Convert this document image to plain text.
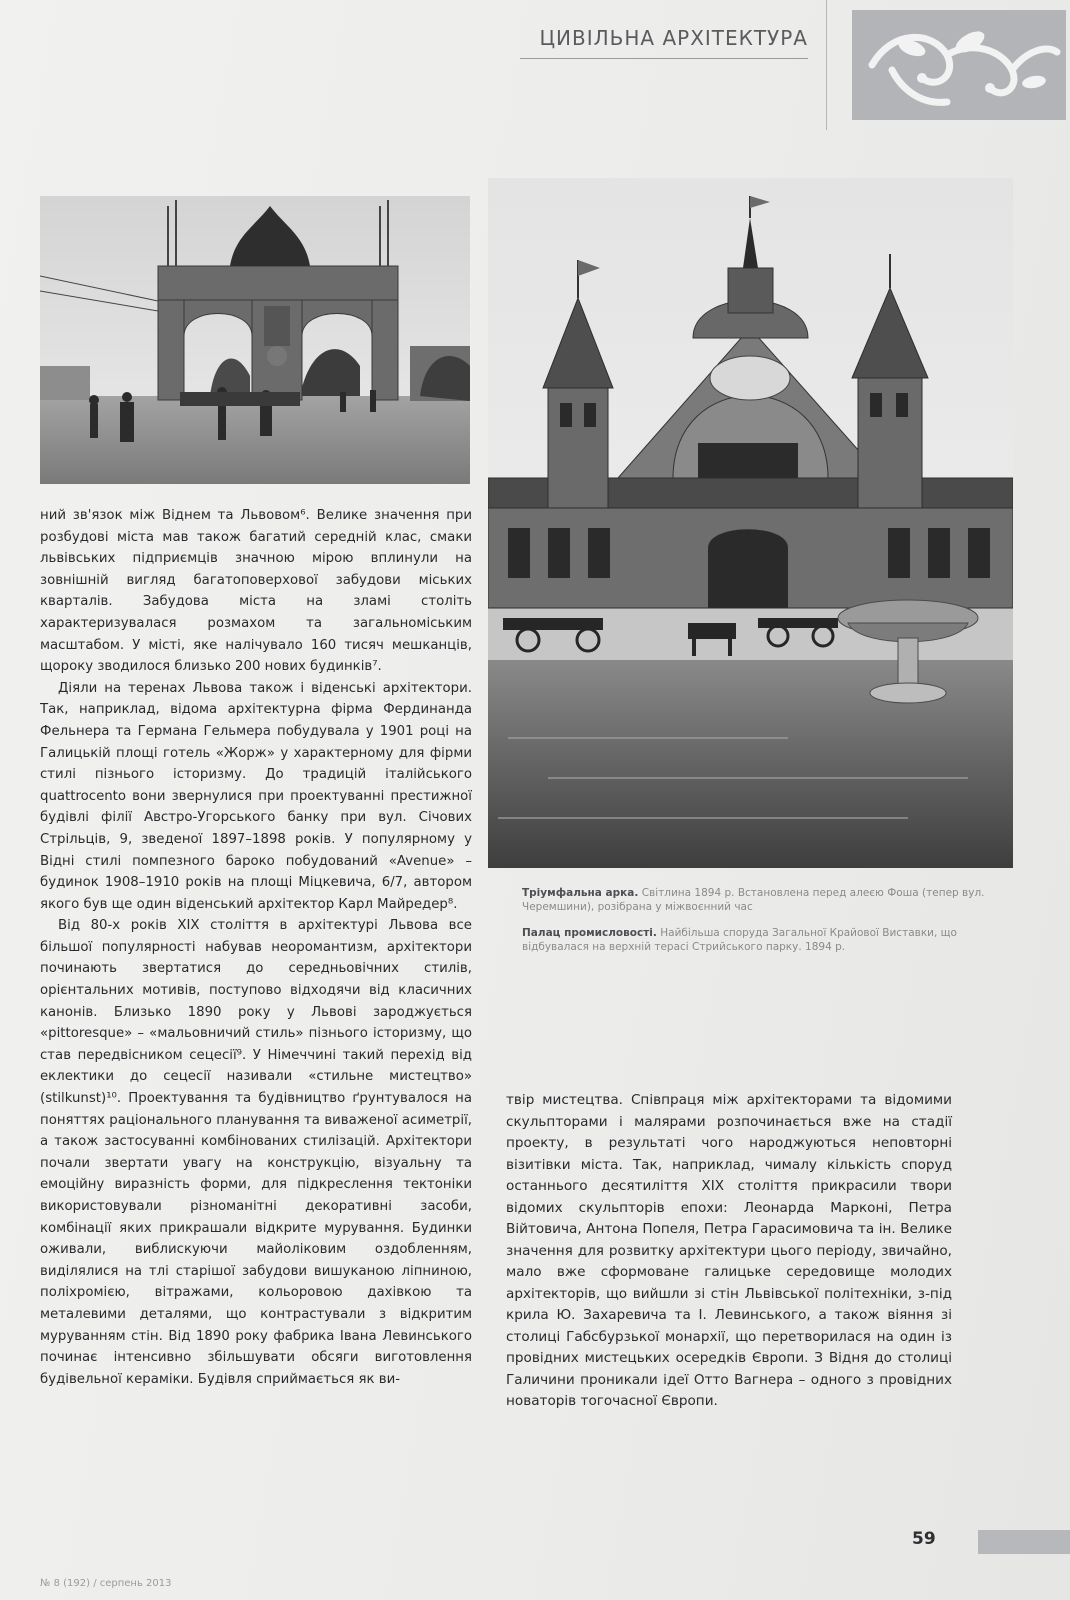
ЦИВІЛЬНА АРХІТЕКТУРА

Тріумфальна арка. Світлина 1894 р. Встановлена перед алеєю Фоша (тепер вул. Черемшини), розібрана у міжвоєнний час

Палац промисловості. Найбільша споруда Загальної Крайової Виставки, що відбувалася на верхній терасі Стрийського парку. 1894 р.

ний зв'язок між Віднем та Львовом⁶. Велике значення при розбудові міста мав також багатий середній клас, смаки львівських підприємців значною мірою вплинули на зовнішній вигляд багатоповерхової забудови міських кварталів. Забудова міста на зламі століть характеризувалася розмахом та загальноміським масштабом. У місті, яке налічувало 160 тисяч мешканців, щороку зводилося близько 200 нових будинків⁷.

Діяли на теренах Львова також і віденські архітектори. Так, наприклад, відома архітектурна фірма Фердинанда Фельнера та Германа Гельмера побудувала у 1901 році на Галицькій площі готель «Жорж» у характерному для фірми стилі пізнього історизму. До традицій італійського quattrocento вони звернулися при проектуванні престижної будівлі філії Австро-Угорського банку при вул. Січових Стрільців, 9, зведеної 1897–1898 років. У популярному у Відні стилі помпезного бароко побудований «Avenue» – будинок 1908–1910 років на площі Міцкевича, 6/7, автором якого був ще один віденський архітектор Карл Майредер⁸.

Від 80-х років XIX століття в архітектурі Львова все більшої популярності набував неоромантизм, архітектори починають звертатися до середньовічних стилів, орієнтальних мотивів, поступово відходячи від класичних канонів. Близько 1890 року у Львові зароджується «pittoresque» – «мальовничий стиль» пізнього історизму, що став передвісником сецесії⁹. У Німеччині такий перехід від еклектики до сецесії називали «стильне мистецтво» (stilkunst)¹⁰. Проектування та будівництво ґрунтувалося на поняттях раціонального планування та виваженої асиметрії, а також застосуванні комбінованих стилізацій. Архітектори почали звертати увагу на конструкцію, візуальну та емоційну виразність форми, для підкреслення тектоніки використовували різноманітні декоративні засоби, комбінації яких прикрашали відкрите мурування. Будинки оживали, виблискуючи майоліковим оздобленням, виділялися на тлі старішої забудови вишуканою ліпниною, поліхромією, вітражами, кольоровою дахівкою та металевими деталями, що контрастували з відкритим муруванням стін. Від 1890 року фабрика Івана Левинського починає інтенсивно збільшувати обсяги виготовлення будівельної кераміки. Будівля сприймається як ви-

твір мистецтва. Співпраця між архітекторами та відомими скульпторами і малярами розпочинається вже на стадії проекту, в результаті чого народжуються неповторні візитівки міста. Так, наприклад, чималу кількість споруд останнього десятиліття XIX століття прикрасили твори відомих скульпторів епохи: Леонарда Марконі, Петра Війтовича, Антона Попеля, Петра Гарасимовича та ін. Велике значення для розвитку архітектури цього періоду, звичайно, мало вже сформоване галицьке середовище молодих архітекторів, що вийшли зі стін Львівської політехніки, з-під крила Ю. Захаревича та І. Левинського, а також віяння зі столиці Габсбурзької монархії, що перетворилася на один із провідних мистецьких осередків Європи. З Відня до столиці Галичини проникали ідеї Отто Вагнера – одного з провідних новаторів тогочасної Європи.

59
№ 8 (192) / серпень 2013
